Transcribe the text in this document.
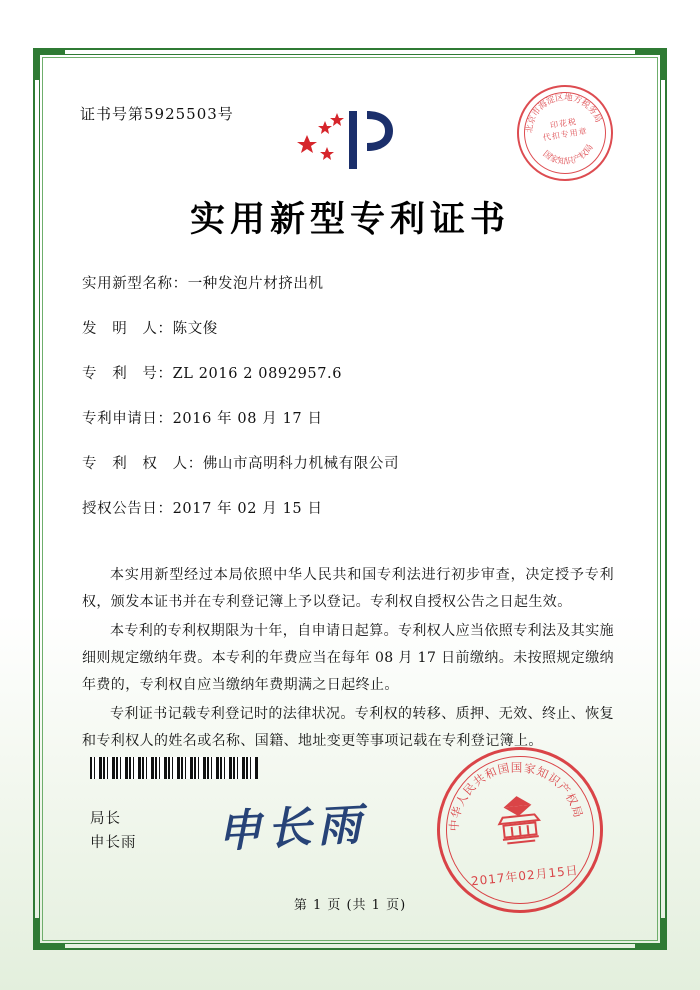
证书号第5925503号
北京市海淀区地方税务局
国家知识产权局
印花税
代扣专用章
实用新型专利证书
实用新型名称：一种发泡片材挤出机
发　明　人：陈文俊
专　利　号：ZL 2016 2 0892957.6
专利申请日：2016 年 08 月 17 日
专　利　权　人：佛山市高明科力机械有限公司
授权公告日：2017 年 02 月 15 日
本实用新型经过本局依照中华人民共和国专利法进行初步审查，决定授予专利权，颁发本证书并在专利登记簿上予以登记。专利权自授权公告之日起生效。
本专利的专利权期限为十年，自申请日起算。专利权人应当依照专利法及其实施细则规定缴纳年费。本专利的年费应当在每年 08 月 17 日前缴纳。未按照规定缴纳年费的，专利权自应当缴纳年费期满之日起终止。
专利证书记载专利登记时的法律状况。专利权的转移、质押、无效、终止、恢复和专利权人的姓名或名称、国籍、地址变更等事项记载在专利登记簿上。
局长
申长雨 申长雨	中华人民共和国国家知识产权局
2017年02月15日
第 1 页 (共 1 页)
